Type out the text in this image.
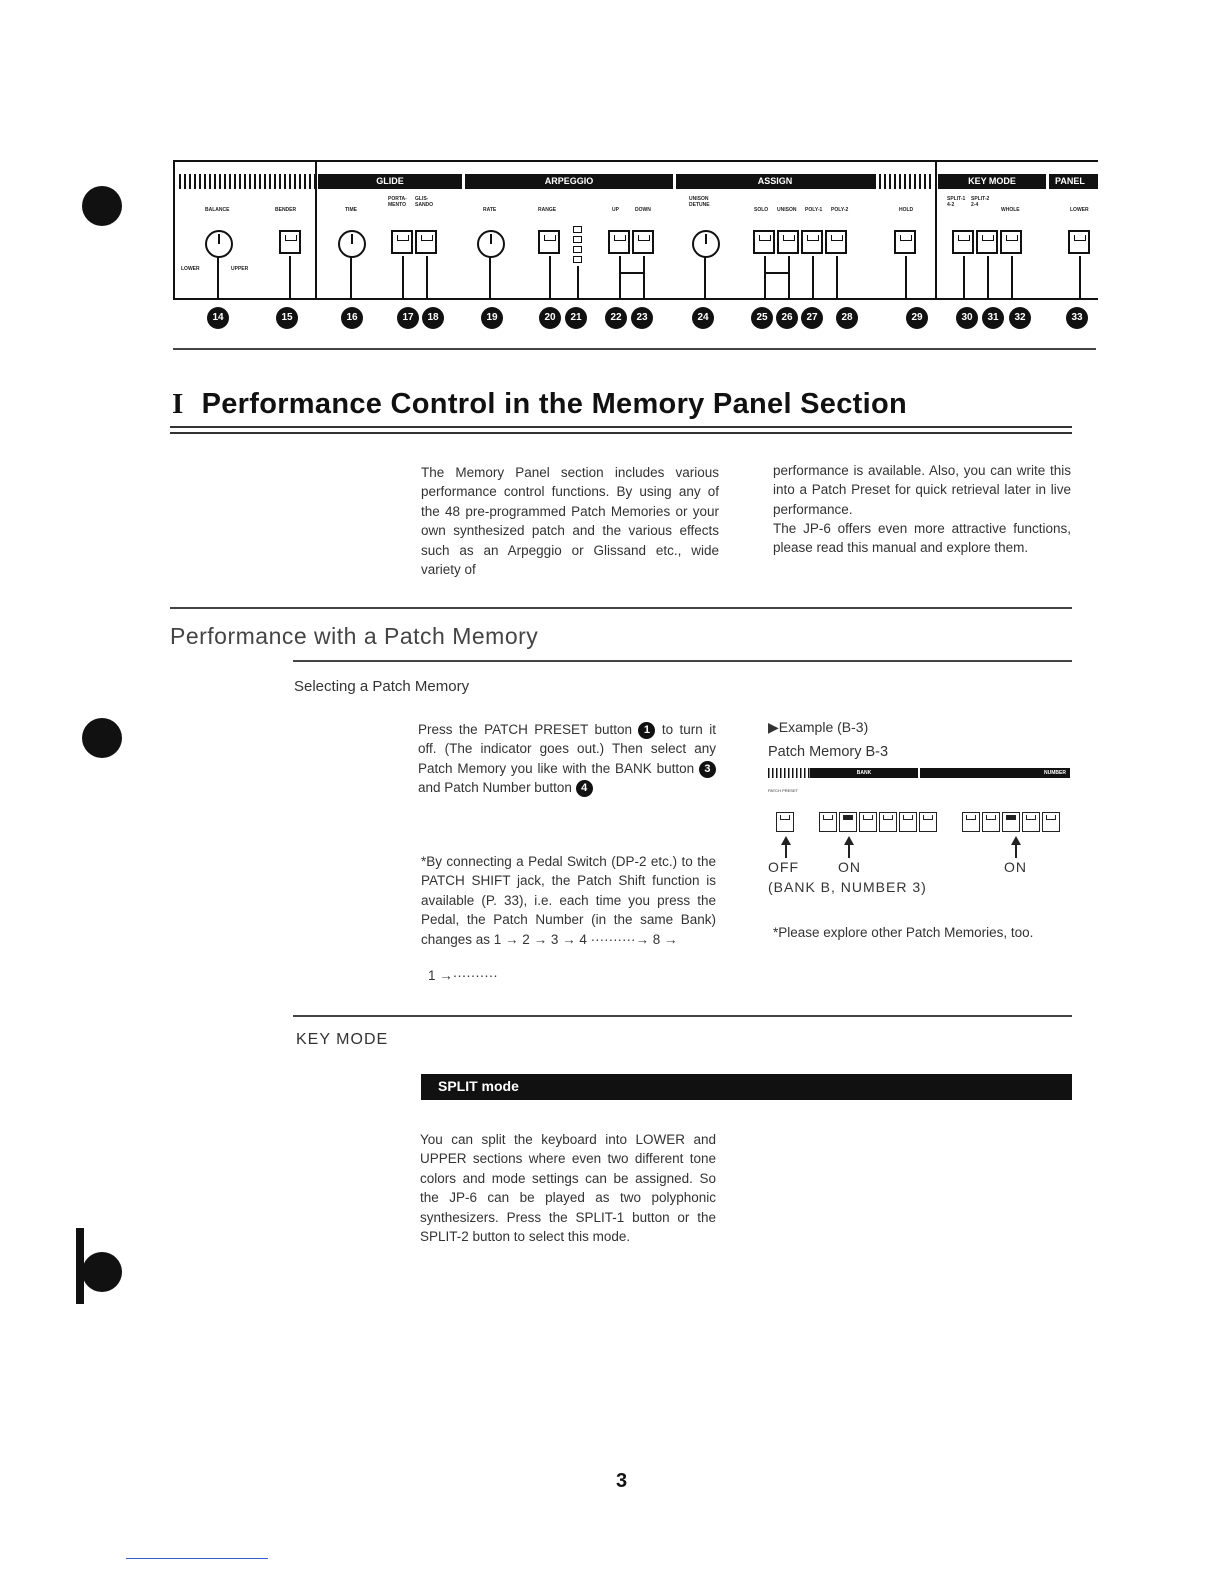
GLIDE	ARPEGGIO	ASSIGN	KEY MODE	PANEL
BALANCE	BENDER	TIME
PORTA- MENTO
GLIS- SANDO
RATE	RANGE	UP	DOWN
UNISON DETUNE
SOLO UNISON POLY-1 POLY-2	HOLD
SPLIT-1 4-2
SPLIT-2 2-4
WHOLE	LOWER
LOWER	UPPER
14	15	16	17	18	19	20	21	22	23	24	25	26	27	28	29	30	31	32	33
I Performance Control in the Memory Panel Section
The Memory Panel section includes various performance control functions. By using any of the 48 pre-programmed Patch Memories or your own synthesized patch and the various effects such as an Arpeggio or Glissand etc., wide variety of
performance is available. Also, you can write this into a Patch Preset for quick retrieval later in live performance.
The JP-6 offers even more attractive functions, please read this manual and explore them.
Performance with a Patch Memory
Selecting a Patch Memory
Press the PATCH PRESET button 1 to turn it off. (The indicator goes out.) Then select any Patch Memory you like with the BANK button 3 and Patch Number button 4
*By connecting a Pedal Switch (DP-2 etc.) to the PATCH SHIFT jack, the Patch Shift function is available (P. 33), i.e. each time you press the Pedal, the Patch Number (in the same Bank) changes as 1 → 2 → 3 → 4 ··········→ 8 →
1 →··········
▶Example (B-3)
Patch Memory B-3
BANK	NUMBER
PATCH PRESET
OFF	ON	ON
(BANK B, NUMBER 3)
*Please explore other Patch Memories, too.
KEY MODE
SPLIT mode
You can split the keyboard into LOWER and UPPER sections where even two different tone colors and mode settings can be assigned. So the JP-6 can be played as two polyphonic synthesizers. Press the SPLIT-1 button or the SPLIT-2 button to select this mode.
3
